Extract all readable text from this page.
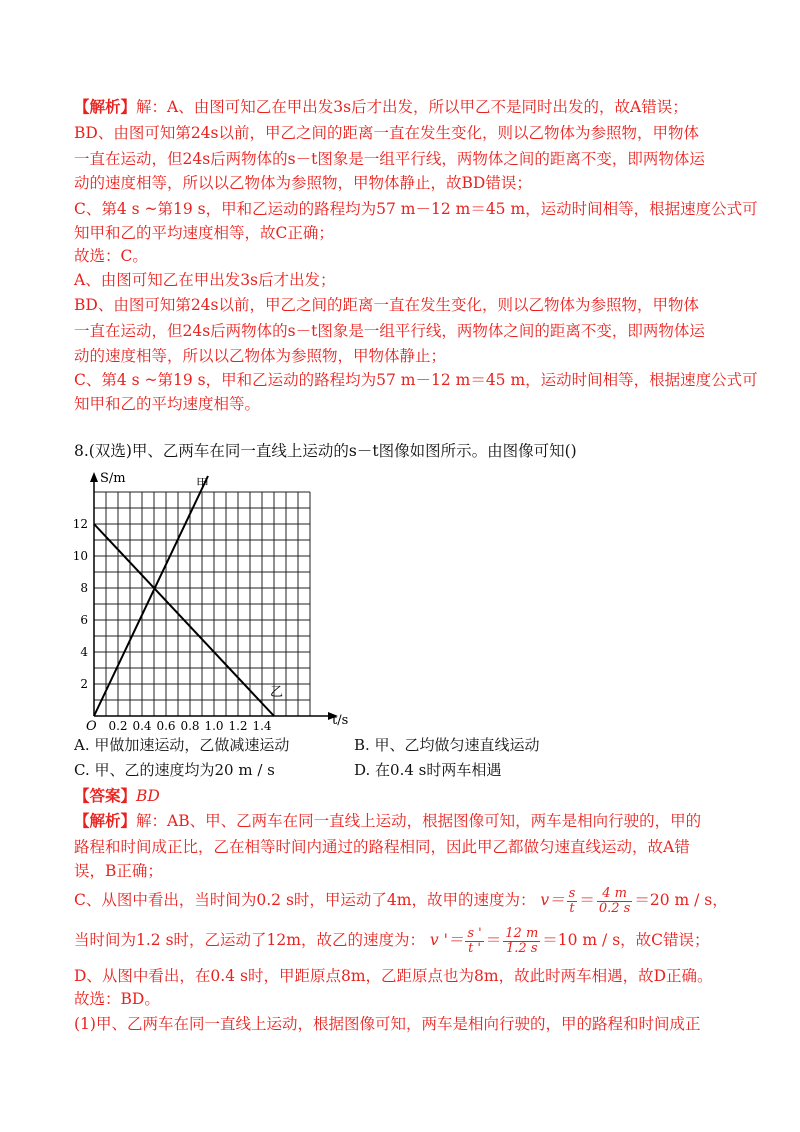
【解析】解：A、由图可知乙在甲出发3s后才出发，所以甲乙不是同时出发的，故A错误；
BD、由图可知第24s以前，甲乙之间的距离一直在发生变化，则以乙物体为参照物，甲物体
一直在运动，但24s后两物体的s－t图象是一组平行线，两物体之间的距离不变，即两物体运
动的速度相等，所以以乙物体为参照物，甲物体静止，故BD错误；
C、第4 s ~第19 s，甲和乙运动的路程均为57 m－12 m＝45 m，运动时间相等，根据速度公式可
知甲和乙的平均速度相等，故C正确；
故选：C。
A、由图可知乙在甲出发3s后才出发；
BD、由图可知第24s以前，甲乙之间的距离一直在发生变化，则以乙物体为参照物，甲物体
一直在运动，但24s后两物体的s－t图象是一组平行线，两物体之间的距离不变，即两物体运
动的速度相等，所以以乙物体为参照物，甲物体静止；
C、第4 s ~第19 s，甲和乙运动的路程均为57 m－12 m＝45 m，运动时间相等，根据速度公式可
知甲和乙的平均速度相等。
8.(双选)甲、乙两车在同一直线上运动的s－t图像如图所示。由图像可知()
S/m
t/s
O
甲
乙
2
4
6
8
10
12
0.2 0.4 0.6 0.8 1.0 1.2 1.4
A. 甲做加速运动，乙做减速运动	B. 甲、乙均做匀速直线运动
C. 甲、乙的速度均为20 m / s	D. 在0.4 s时两车相遇
【答案】BD
【解析】解：AB、甲、乙两车在同一直线上运动，根据图像可知，两车是相向行驶的，甲的
路程和时间成正比，乙在相等时间内通过的路程相同，因此甲乙都做匀速直线运动，故A错
误，B正确；
C、从图中看出，当时间为0.2 s时，甲运动了4m，故甲的速度为： $v= \frac{s}{t} = \frac{4 m}{0.2 s} =20$ m / s，
当时间为1.2 s时，乙运动了12m，故乙的速度为： v '＝ $\frac{s '}{t '} = \frac{12 m}{1.2 s} =10$ m / s，故C错误；
D、从图中看出，在0.4 s时，甲距原点8m，乙距原点也为8m，故此时两车相遇，故D正确。
故选：BD。
(1)甲、乙两车在同一直线上运动，根据图像可知，两车是相向行驶的，甲的路程和时间成正
